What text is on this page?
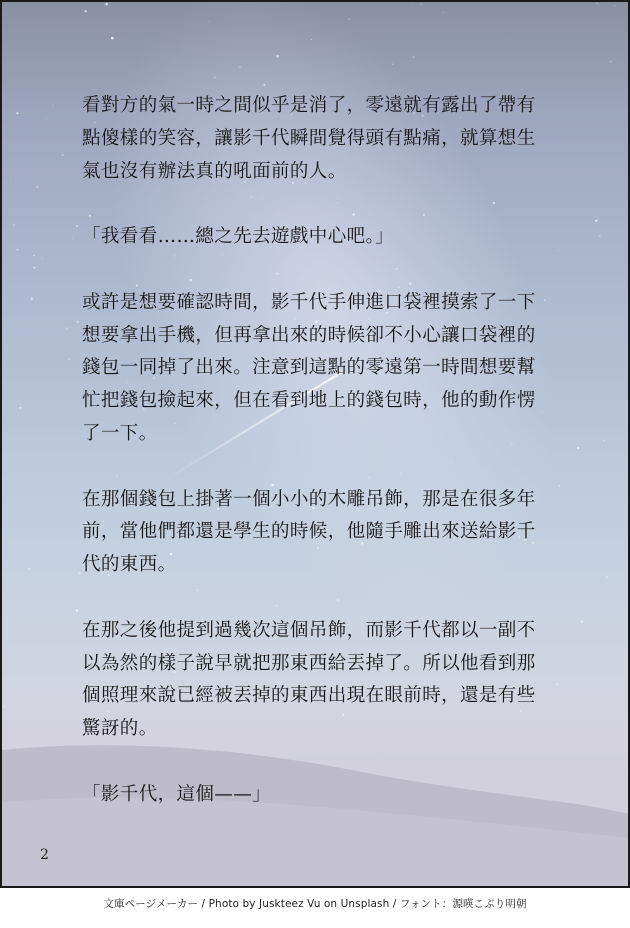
看對方的氣一時之間似乎是消了，零遠就有露出了帶有
點傻樣的笑容，讓影千代瞬間覺得頭有點痛，就算想生
氣也沒有辦法真的吼面前的人。

「我看看……總之先去遊戲中心吧。」

或許是想要確認時間，影千代手伸進口袋裡摸索了一下
想要拿出手機，但再拿出來的時候卻不小心讓口袋裡的
錢包一同掉了出來。注意到這點的零遠第一時間想要幫
忙把錢包撿起來，但在看到地上的錢包時，他的動作愣
了一下。

在那個錢包上掛著一個小小的木雕吊飾，那是在很多年
前，當他們都還是學生的時候，他隨手雕出來送給影千
代的東西。

在那之後他提到過幾次這個吊飾，而影千代都以一副不
以為然的樣子說早就把那東西給丟掉了。所以他看到那
個照理來說已經被丟掉的東西出現在眼前時，還是有些
驚訝的。

「影千代，這個——」

2
文庫ページメーカー / Photo by Juskteez Vu on Unsplash / フォント：源暎こぶり明朝
